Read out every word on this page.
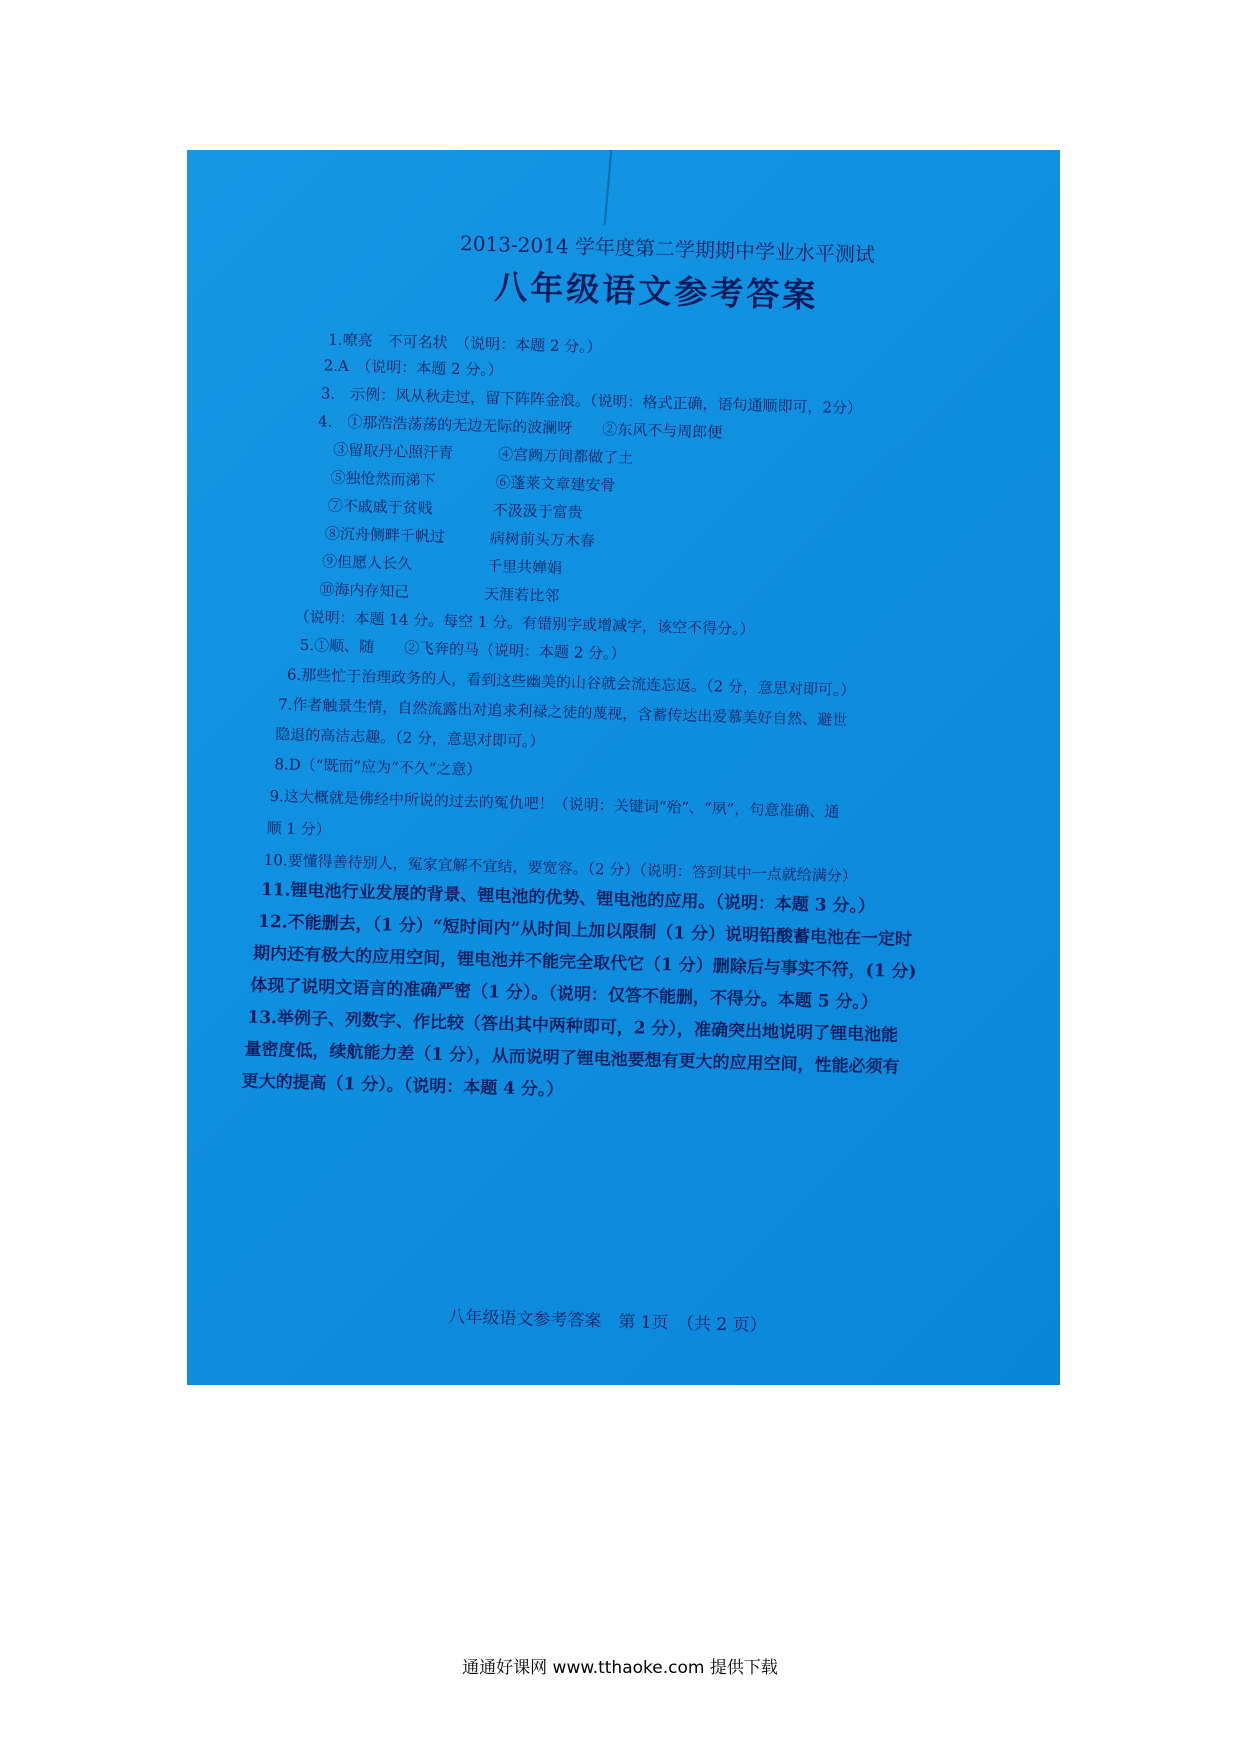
2013-2014 学年度第二学期期中学业水平测试
八年级语文参考答案
1.嘹亮　不可名状　（说明：本题 2 分。）
2.A　（说明：本题 2 分。）
3.　示例：风从秋走过，留下阵阵金浪。（说明：格式正确，语句通顺即可，2分）
4.　①那浩浩荡荡的无边无际的波澜呀　　②东风不与周郎便
③留取丹心照汗青　　　④宫阙万间都做了土
⑤独怆然而涕下　　　　⑥蓬莱文章建安骨
⑦不戚戚于贫贱　　　　不汲汲于富贵
⑧沉舟侧畔千帆过　　　病树前头万木春
⑨但愿人长久　　　　　千里共婵娟
⑩海内存知己　　　　　天涯若比邻
（说明：本题 14 分。每空 1 分。有错别字或增减字，该空不得分。）
5.①顺、随　　②飞奔的马（说明：本题 2 分。）
6.那些忙于治理政务的人，看到这些幽美的山谷就会流连忘返。（2 分，意思对即可。）
7.作者触景生情，自然流露出对追求利禄之徒的蔑视，含蓄传达出爱慕美好自然、避世
隐退的高洁志趣。（2 分，意思对即可。）
8.D（“既而”应为“不久”之意）
9.这大概就是佛经中所说的过去的冤仇吧！（说明：关键词“殆”、“夙”，句意准确、通
顺 1 分）
10.要懂得善待别人，冤家宜解不宜结，要宽容。（2 分）（说明：答到其中一点就给满分）
11.锂电池行业发展的背景、锂电池的优势、锂电池的应用。（说明：本题 3 分。）
12.不能删去，（1 分）“短时间内”从时间上加以限制（1 分）说明铅酸蓄电池在一定时
期内还有极大的应用空间，锂电池并不能完全取代它（1 分）删除后与事实不符，(1 分)
体现了说明文语言的准确严密（1 分）。（说明：仅答不能删，不得分。本题 5 分。）
13.举例子、列数字、作比较（答出其中两种即可，2 分），准确突出地说明了锂电池能
量密度低，续航能力差（1 分），从而说明了锂电池要想有更大的应用空间，性能必须有
更大的提高（1 分）。（说明：本题 4 分。）
八年级语文参考答案　第 1页　（共 2 页）
通通好课网 www.tthaoke.com 提供下载
